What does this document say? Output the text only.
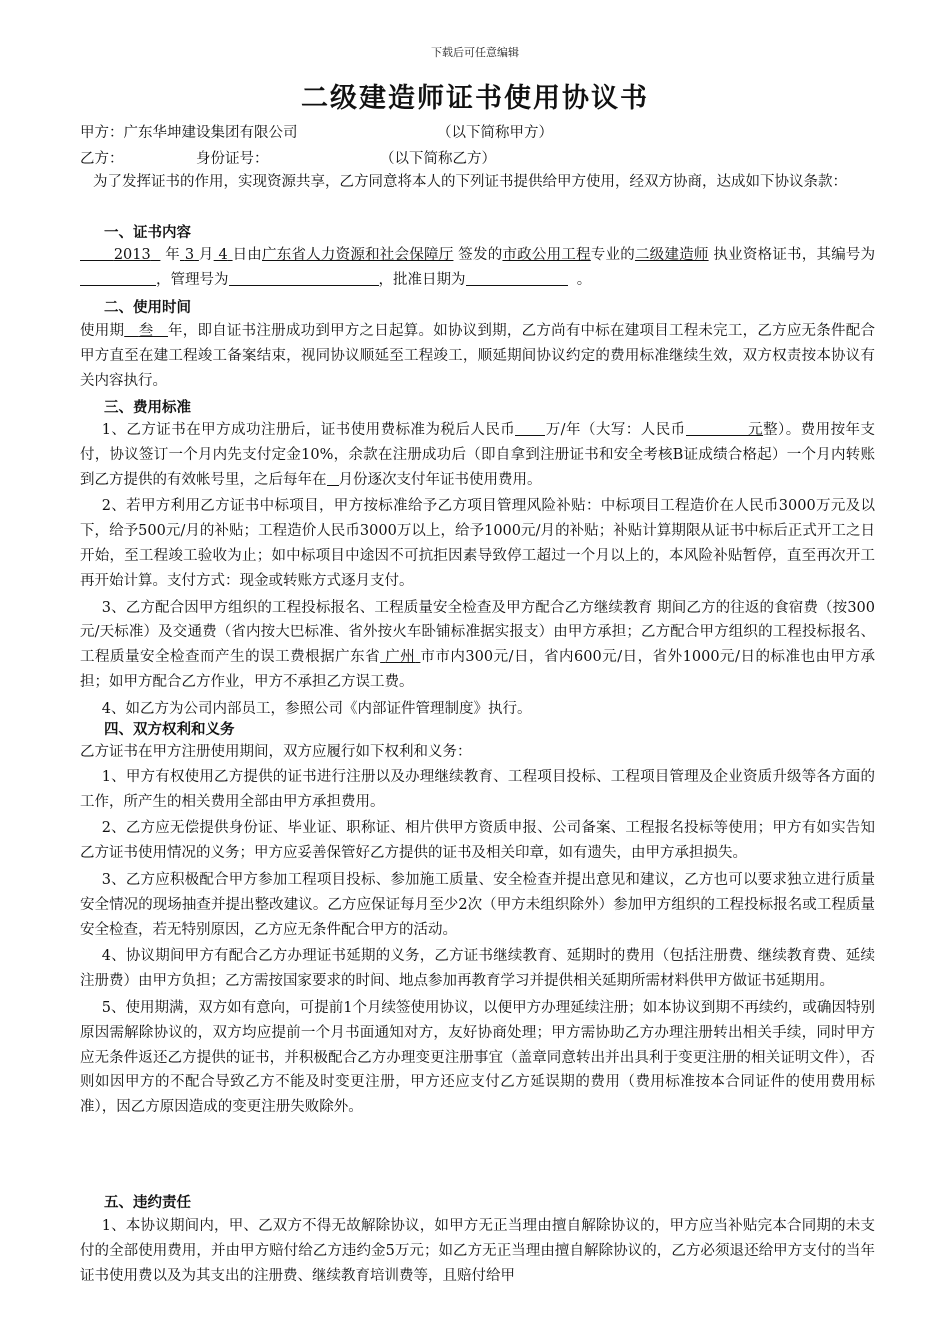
下载后可任意编辑
二级建造师证书使用协议书
甲方：广东华坤建设集团有限公司	（以下简称甲方）
乙方：	身份证号：	（以下简称乙方）

为了发挥证书的作用，实现资源共享，乙方同意将本人的下列证书提供给甲方使用，经双方协商，达成如下协议条款：

一、证书内容

2013 年 3 月 4 日由广东省人力资源和社会保障厅 签发的市政公用工程专业的二级建造师 执业资格证书，其编号为，管理号为	，批准日期为	。

二、使用时间

使用期 叁 年，即自证书注册成功到甲方之日起算。如协议到期，乙方尚有中标在建项目工程未完工，乙方应无条件配合甲方直至在建工程竣工备案结束，视同协议顺延至工程竣工，顺延期间协议约定的费用标准继续生效，双方权责按本协议有关内容执行。

三、费用标准

1、乙方证书在甲方成功注册后，证书使用费标准为税后人民币 万/年（大写：人民币	元整）。费用按年支付，协议签订一个月内先支付定金10%，余款在注册成功后（即自拿到注册证书和安全考核B证成绩合格起）一个月内转账到乙方提供的有效帐号里，之后每年在 月份逐次支付年证书使用费用。

2、若甲方利用乙方证书中标项目，甲方按标准给予乙方项目管理风险补贴：中标项目工程造价在人民币3000万元及以下，给予500元/月的补贴；工程造价人民币3000万以上，给予1000元/月的补贴；补贴计算期限从证书中标后正式开工之日开始，至工程竣工验收为止；如中标项目中途因不可抗拒因素导致停工超过一个月以上的，本风险补贴暂停，直至再次开工再开始计算。支付方式：现金或转账方式逐月支付。

3、乙方配合因甲方组织的工程投标报名、工程质量安全检查及甲方配合乙方继续教育 期间乙方的往返的食宿费（按300元/天标准）及交通费（省内按大巴标准、省外按火车卧铺标准据实报支）由甲方承担；乙方配合甲方组织的工程投标报名、工程质量安全检查而产生的误工费根据广东省 广州 市市内300元/日，省内600元/日，省外1000元/日的标准也由甲方承担；如甲方配合乙方作业，甲方不承担乙方误工费。

4、如乙方为公司内部员工，参照公司《内部证件管理制度》执行。

四、双方权利和义务

乙方证书在甲方注册使用期间，双方应履行如下权利和义务：

1、甲方有权使用乙方提供的证书进行注册以及办理继续教育、工程项目投标、工程项目管理及企业资质升级等各方面的工作，所产生的相关费用全部由甲方承担费用。

2、乙方应无偿提供身份证、毕业证、职称证、相片供甲方资质申报、公司备案、工程报名投标等使用；甲方有如实告知乙方证书使用情况的义务；甲方应妥善保管好乙方提供的证书及相关印章，如有遗失，由甲方承担损失。

3、乙方应积极配合甲方参加工程项目投标、参加施工质量、安全检查并提出意见和建议，乙方也可以要求独立进行质量安全情况的现场抽查并提出整改建议。乙方应保证每月至少2次（甲方未组织除外）参加甲方组织的工程投标报名或工程质量安全检查，若无特别原因，乙方应无条件配合甲方的活动。

4、协议期间甲方有配合乙方办理证书延期的义务，乙方证书继续教育、延期时的费用（包括注册费、继续教育费、延续注册费）由甲方负担；乙方需按国家要求的时间、地点参加再教育学习并提供相关延期所需材料供甲方做证书延期用。

5、使用期满，双方如有意向，可提前1个月续签使用协议，以便甲方办理延续注册；如本协议到期不再续约，或确因特别原因需解除协议的，双方均应提前一个月书面通知对方，友好协商处理；甲方需协助乙方办理注册转出相关手续，同时甲方应无条件返还乙方提供的证书，并积极配合乙方办理变更注册事宜（盖章同意转出并出具利于变更注册的相关证明文件），否则如因甲方的不配合导致乙方不能及时变更注册，甲方还应支付乙方延误期的费用（费用标准按本合同证件的使用费用标准），因乙方原因造成的变更注册失败除外。

五、违约责任

1、本协议期间内，甲、乙双方不得无故解除协议，如甲方无正当理由擅自解除协议的，甲方应当补贴完本合同期的未支付的全部使用费用，并由甲方赔付给乙方违约金5万元；如乙方无正当理由擅自解除协议的，乙方必须退还给甲方支付的当年证书使用费以及为其支出的注册费、继续教育培训费等，且赔付给甲
